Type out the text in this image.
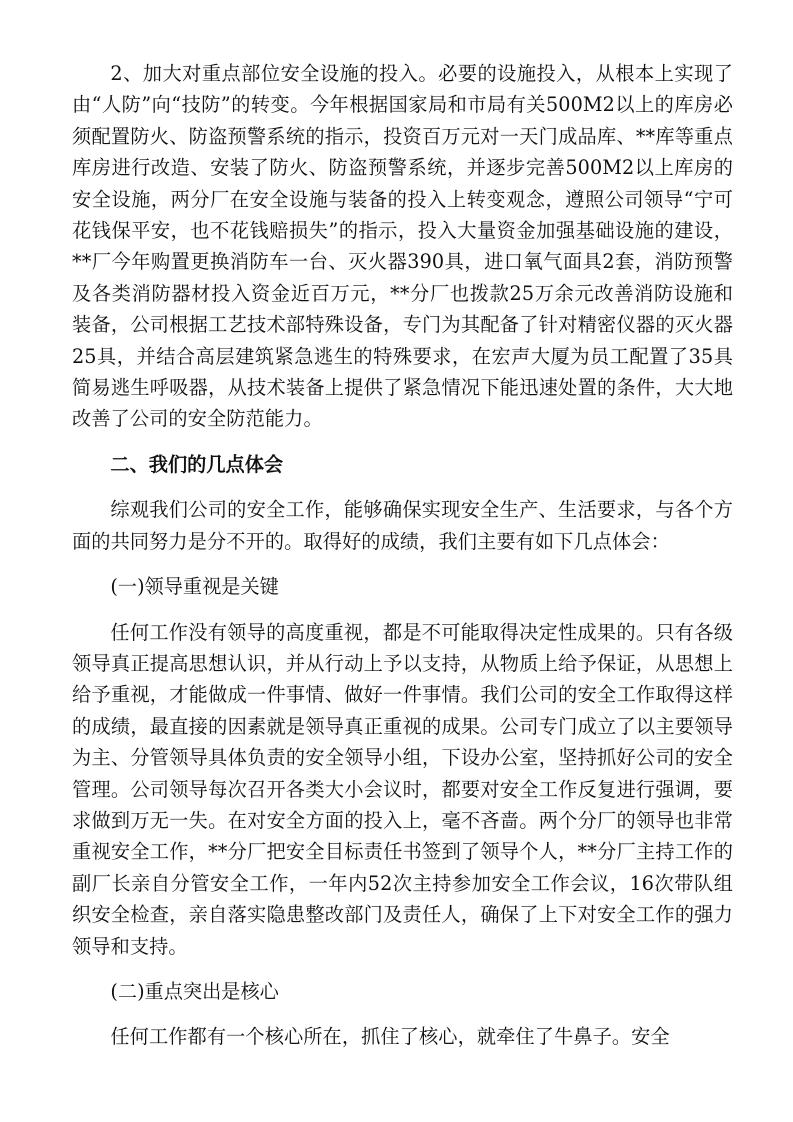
2、加大对重点部位安全设施的投入。必要的设施投入，从根本上实现了由“人防”向“技防”的转变。今年根据国家局和市局有关500M2以上的库房必须配置防火、防盗预警系统的指示，投资百万元对一天门成品库、**库等重点库房进行改造、安装了防火、防盗预警系统，并逐步完善500M2以上库房的安全设施，两分厂在安全设施与装备的投入上转变观念，遵照公司领导“宁可花钱保平安，也不花钱赔损失”的指示，投入大量资金加强基础设施的建设，**厂今年购置更换消防车一台、灭火器390具，进口氧气面具2套，消防预警及各类消防器材投入资金近百万元，**分厂也拨款25万余元改善消防设施和装备，公司根据工艺技术部特殊设备，专门为其配备了针对精密仪器的灭火器25具，并结合高层建筑紧急逃生的特殊要求，在宏声大厦为员工配置了35具简易逃生呼吸器，从技术装备上提供了紧急情况下能迅速处置的条件，大大地改善了公司的安全防范能力。

二、我们的几点体会

综观我们公司的安全工作，能够确保实现安全生产、生活要求，与各个方面的共同努力是分不开的。取得好的成绩，我们主要有如下几点体会：

(一)领导重视是关键

任何工作没有领导的高度重视，都是不可能取得决定性成果的。只有各级领导真正提高思想认识，并从行动上予以支持，从物质上给予保证，从思想上给予重视，才能做成一件事情、做好一件事情。我们公司的安全工作取得这样的成绩，最直接的因素就是领导真正重视的成果。公司专门成立了以主要领导为主、分管领导具体负责的安全领导小组，下设办公室，坚持抓好公司的安全管理。公司领导每次召开各类大小会议时，都要对安全工作反复进行强调，要求做到万无一失。在对安全方面的投入上，毫不吝啬。两个分厂的领导也非常重视安全工作，**分厂把安全目标责任书签到了领导个人，**分厂主持工作的副厂长亲自分管安全工作，一年内52次主持参加安全工作会议，16次带队组织安全检查，亲自落实隐患整改部门及责任人，确保了上下对安全工作的强力领导和支持。

(二)重点突出是核心

任何工作都有一个核心所在，抓住了核心，就牵住了牛鼻子。安全
